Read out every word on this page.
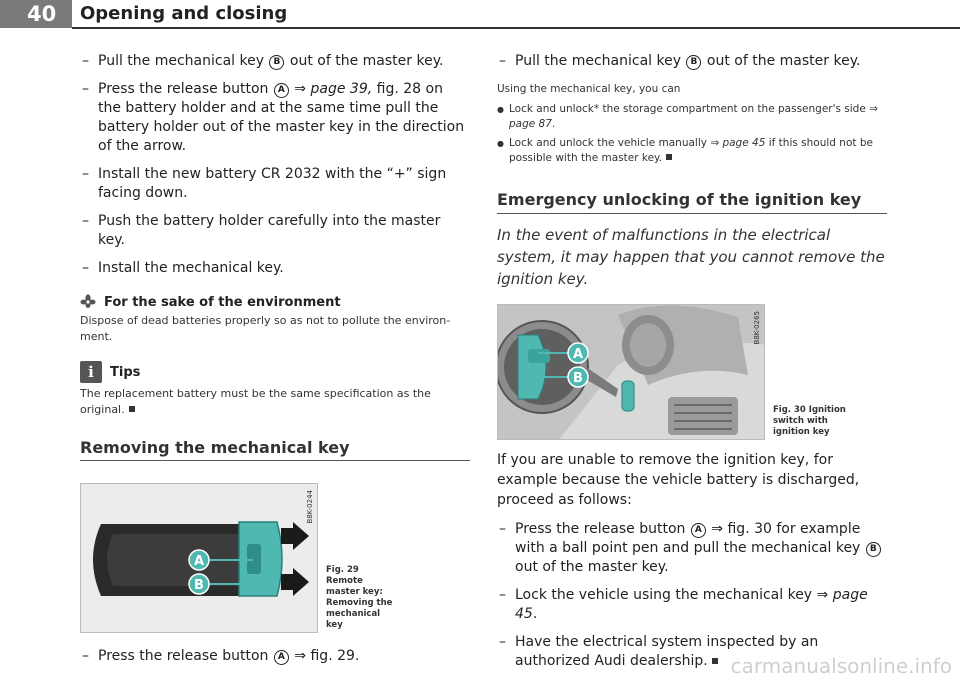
40	Opening and closing
– Pull the mechanical key B out of the master key.
– Press the release button A ⇒ page 39, fig. 28 on the battery holder and at the same time pull the battery holder out of the master key in the direction of the arrow.
– Install the new battery CR 2032 with the “+” sign facing down.
– Push the battery holder carefully into the master key.
– Install the mechanical key.
For the sake of the environment
Dispose of dead batteries properly so as not to pollute the environ-ment.
i	Tips
The replacement battery must be the same specification as the original.
Removing the mechanical key
A
B
B8K-0244
Fig. 29 Remote master key: Removing the mechanical key
– Press the release button A ⇒ fig. 29.
– Pull the mechanical key B out of the master key.
Using the mechanical key, you can
● Lock and unlock* the storage compartment on the passenger's side ⇒ page 87.
● Lock and unlock the vehicle manually ⇒ page 45 if this should not be possible with the master key.
Emergency unlocking of the ignition key
In the event of malfunctions in the electrical system, it may happen that you cannot remove the ignition key.
A
B
B8K-0265
Fig. 30 Ignition switch with ignition key
If you are unable to remove the ignition key, for example because the vehicle battery is discharged, proceed as follows:
– Press the release button A ⇒ fig. 30 for example with a ball point pen and pull the mechanical key B out of the master key.
– Lock the vehicle using the mechanical key ⇒ page 45.
– Have the electrical system inspected by an authorized Audi dealership.	carmanualsonline.info
